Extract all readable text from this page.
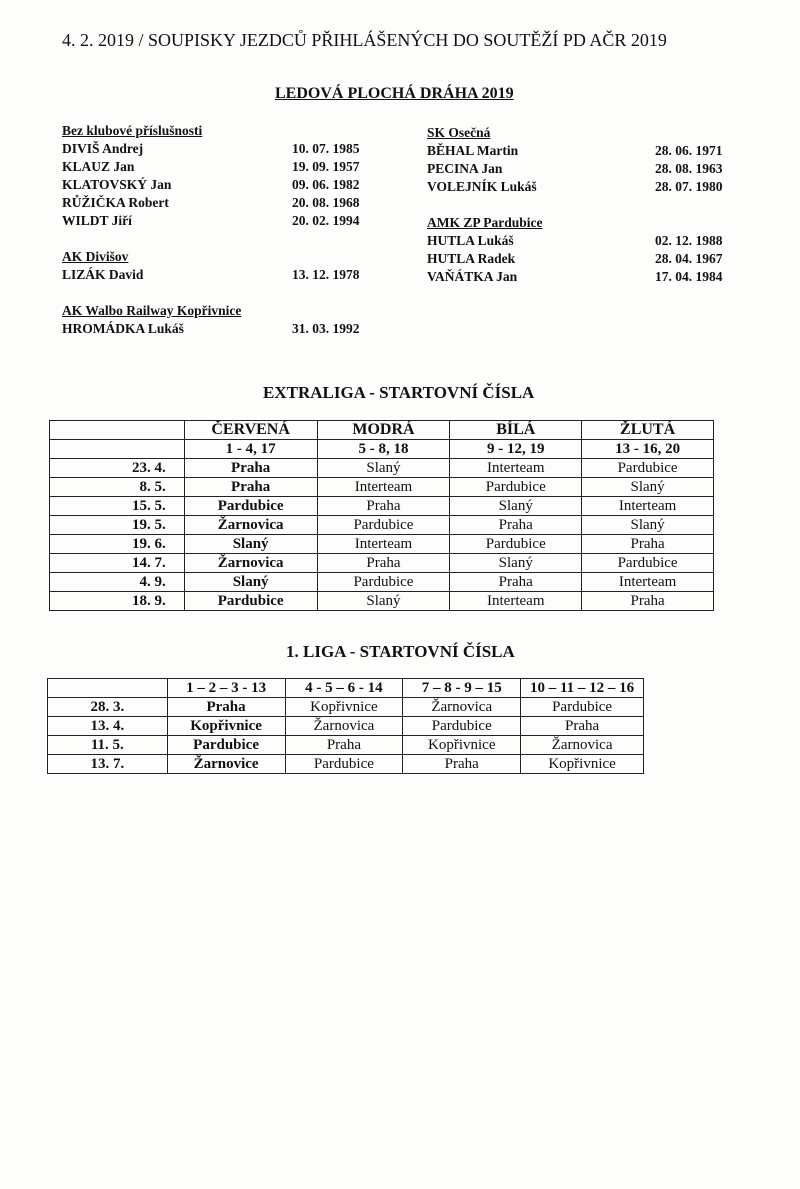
4. 2. 2019 / SOUPISKY JEZDCŮ PŘIHLÁŠENÝCH DO SOUTĚŽÍ PD AČR 2019
LEDOVÁ PLOCHÁ DRÁHA 2019
Bez klubové příslušnosti
DIVIŠ Andrej	10. 07. 1985
KLAUZ Jan	19. 09. 1957
KLATOVSKÝ Jan	09. 06. 1982
RŮŽIČKA Robert	20. 08. 1968
WILDT Jiří	20. 02. 1994
AK Divišov
LIZÁK David	13. 12. 1978
AK Walbo Railway Kopřivnice
HROMÁDKA Lukáš	31. 03. 1992
SK Osečná
BĚHAL Martin	28. 06. 1971
PECINA Jan	28. 08. 1963
VOLEJNÍK Lukáš	28. 07. 1980
AMK ZP Pardubice
HUTLA Lukáš	02. 12. 1988
HUTLA Radek	28. 04. 1967
VAŇÁTKA Jan	17. 04. 1984
EXTRALIGA - STARTOVNÍ ČÍSLA
	ČERVENÁ	MODRÁ	BÍLÁ	ŽLUTÁ
	1 - 4, 17	5 - 8, 18	9 - 12, 19	13 - 16, 20
23. 4.	Praha	Slaný	Interteam	Pardubice
8. 5.	Praha	Interteam	Pardubice	Slaný
15. 5.	Pardubice	Praha	Slaný	Interteam
19. 5.	Žarnovica	Pardubice	Praha	Slaný
19. 6.	Slaný	Interteam	Pardubice	Praha
14. 7.	Žarnovica	Praha	Slaný	Pardubice
4. 9.	Slaný	Pardubice	Praha	Interteam
18. 9.	Pardubice	Slaný	Interteam	Praha
1. LIGA - STARTOVNÍ ČÍSLA
	1 – 2 – 3 - 13	4 - 5 – 6 - 14	7 – 8 - 9 – 15	10 – 11 – 12 – 16
28. 3.	Praha	Kopřivnice	Žarnovica	Pardubice
13. 4.	Kopřivnice	Žarnovica	Pardubice	Praha
11. 5.	Pardubice	Praha	Kopřivnice	Žarnovica
13. 7.	Žarnovice	Pardubice	Praha	Kopřivnice
